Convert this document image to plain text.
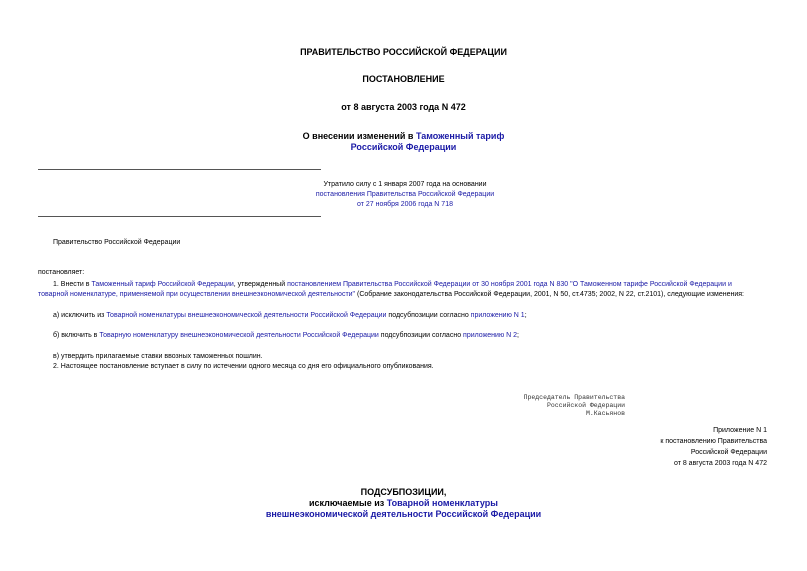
ПРАВИТЕЛЬСТВО РОССИЙСКОЙ ФЕДЕРАЦИИ
ПОСТАНОВЛЕНИЕ
от 8 августа 2003 года N 472
О внесении изменений в Таможенный тариф
Российской Федерации
Утратило силу с 1 января 2007 года на основании
постановления Правительства Российской Федерации
от 27 ноября 2006 года N 718
Правительство Российской Федерации
постановляет:
1. Внести в Таможенный тариф Российской Федерации, утвержденный постановлением Правительства Российской Федерации от 30 ноября 2001 года N 830 "О Таможенном тарифе Российской Федерации и
товарной номенклатуре, применяемой при осуществлении внешнеэкономической деятельности" (Собрание законодательства Российской Федерации, 2001, N 50, ст.4735; 2002, N 22, ст.2101), следующие изменения:
а) исключить из Товарной номенклатуры внешнеэкономической деятельности Российской Федерации подсубпозиции согласно приложению N 1;
б) включить в Товарную номенклатуру внешнеэкономической деятельности Российской Федерации подсубпозиции согласно приложению N 2;
в) утвердить прилагаемые ставки ввозных таможенных пошлин.
2. Настоящее постановление вступает в силу по истечении одного месяца со дня его официального опубликования.
Председатель Правительства
Российской Федерации
М.Касьянов
Приложение N 1
к постановлению Правительства
Российской Федерации
от 8 августа 2003 года N 472
ПОДСУБПОЗИЦИИ,
исключаемые из Товарной номенклатуры
внешнеэкономической деятельности Российской Федерации
